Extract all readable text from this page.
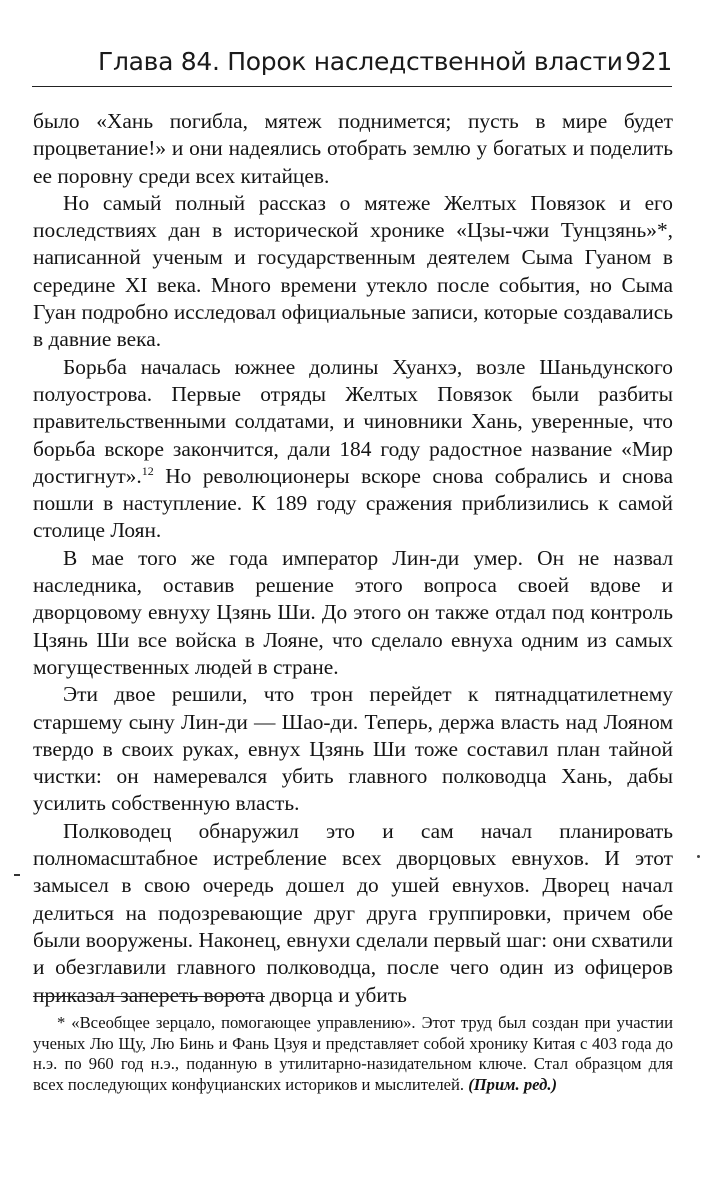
Глава 84. Порок наследственной власти 921

было «Хань погибла, мятеж поднимется; пусть в мире будет процветание!» и они надеялись отобрать землю у богатых и поделить ее поровну среди всех китайцев.

Но самый полный рассказ о мятеже Желтых Повязок и его последствиях дан в исторической хронике «Цзы-чжи Тунцзянь»*, написанной ученым и государственным деятелем Сыма Гуаном в середине XI века. Много времени утекло после события, но Сыма Гуан подробно исследовал официальные записи, которые создавались в давние века.

Борьба началась южнее долины Хуанхэ, возле Шаньдунского полуострова. Первые отряды Желтых Повязок были разбиты правительственными солдатами, и чиновники Хань, уверенные, что борьба вскоре закончится, дали 184 году радостное название «Мир достигнут».$^{12}$ Но революционеры вскоре снова собрались и снова пошли в наступление. К 189 году сражения приблизились к самой столице Лоян.

В мае того же года император Лин-ди умер. Он не назвал наследника, оставив решение этого вопроса своей вдове и дворцовому евнуху Цзянь Ши. До этого он также отдал под контроль Цзянь Ши все войска в Лояне, что сделало евнуха одним из самых могущественных людей в стране.

Эти двое решили, что трон перейдет к пятнадцатилетнему старшему сыну Лин-ди — Шао-ди. Теперь, держа власть над Лояном твердо в своих руках, евнух Цзянь Ши тоже составил план тайной чистки: он намеревался убить главного полководца Хань, дабы усилить собственную власть.

Полководец обнаружил это и сам начал планировать полномасштабное истребление всех дворцовых евнухов. И этот замысел в свою очередь дошел до ушей евнухов. Дворец начал делиться на подозревающие друг друга группировки, причем обе были вооружены. Наконец, евнухи сделали первый шаг: они схватили и обезглавили главного полководца, после чего один из офицеров приказал запереть ворота дворца и убить

* «Всеобщее зерцало, помогающее управлению». Этот труд был создан при участии ученых Лю Щу, Лю Бинь и Фань Цзуя и представляет собой хронику Китая с 403 года до н.э. по 960 год н.э., поданную в утилитарно-назидательном ключе. Стал образцом для всех последующих конфуцианских историков и мыслителей. (Прим. ред.)
